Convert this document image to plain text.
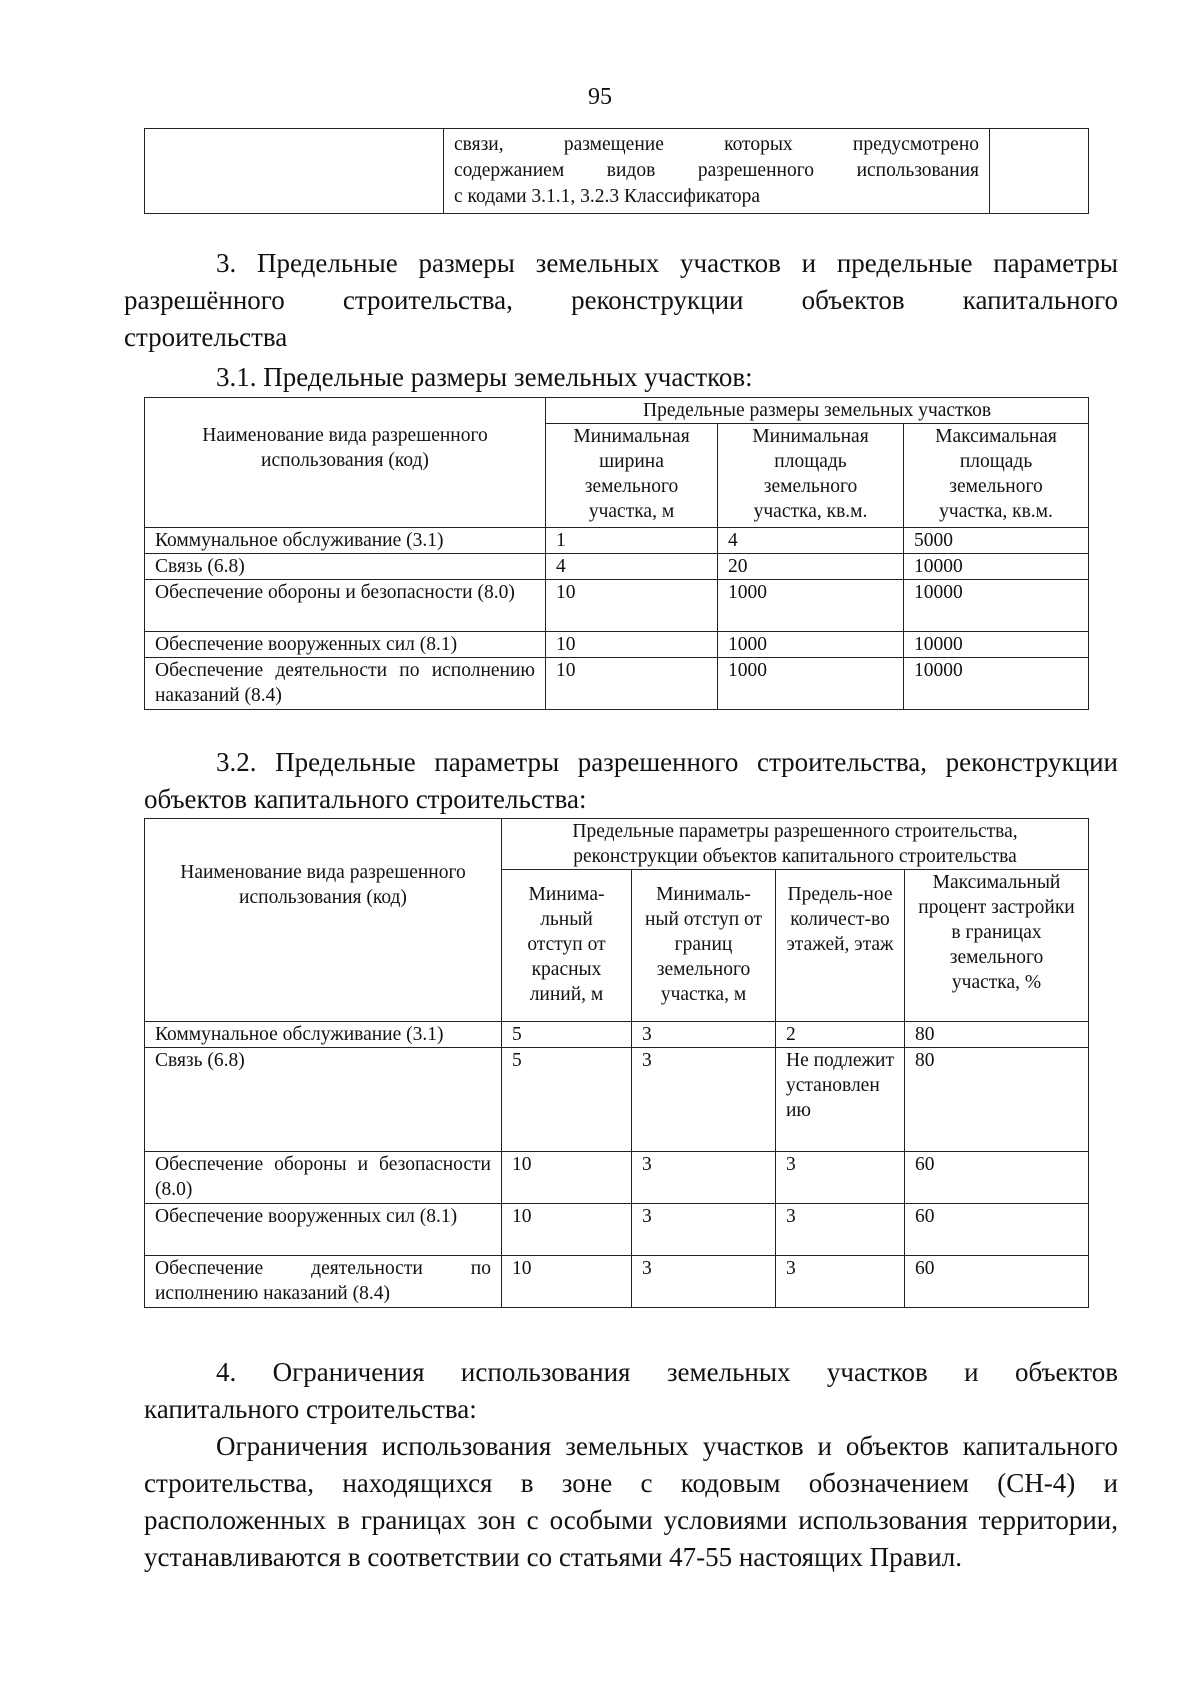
95

связи, размещение которых предусмотрено
содержанием видов разрешенного использования
с кодами 3.1.1, 3.2.3 Классификатора

3. Предельные размеры земельных участков и предельные параметры
разрешённого строительства, реконструкции объектов капитального
строительства
3.1. Предельные размеры земельных участков:
Наименование вида разрешенного использования (код)	Предельные размеры земельных участков		
	Минимальная ширина земельного участка, м	Минимальная площадь земельного участка, кв.м.	Максимальная площадь земельного участка, кв.м.
Коммунальное обслуживание (3.1)	1	4	5000
Связь (6.8)	4	20	10000
Обеспечение обороны и безопасности (8.0)	10	1000	10000
Обеспечение вооруженных сил (8.1)	10	1000	10000
Обеспечение деятельности по исполнению наказаний (8.4)	10	1000	10000
3.2. Предельные параметры разрешенного строительства, реконструкции
объектов капитального строительства:
Наименование вида разрешенного использования (код)	Предельные параметры разрешенного строительства, реконструкции объектов капитального строительства			
	Минима-льный отступ от красных линий, м	Минималь-ный отступ от границ земельного участка, м	Предель-ное количест-во этажей, этаж	Максимальный процент застройки в границах земельного участка, %
Коммунальное обслуживание (3.1)	5	3	2	80
Связь (6.8)	5	3	Не подлежит установлен ию	80
Обеспечение обороны и безопасности (8.0)	10	3	3	60
Обеспечение вооруженных сил (8.1)	10	3	3	60
Обеспечение деятельности по исполнению наказаний (8.4)	10	3	3	60
4. Ограничения использования земельных участков и объектов
капитального строительства:
Ограничения использования земельных участков и объектов капитального
строительства, находящихся в зоне с кодовым обозначением (СН-4) и
расположенных в границах зон с особыми условиями использования территории,
устанавливаются в соответствии со статьями 47-55 настоящих Правил.
